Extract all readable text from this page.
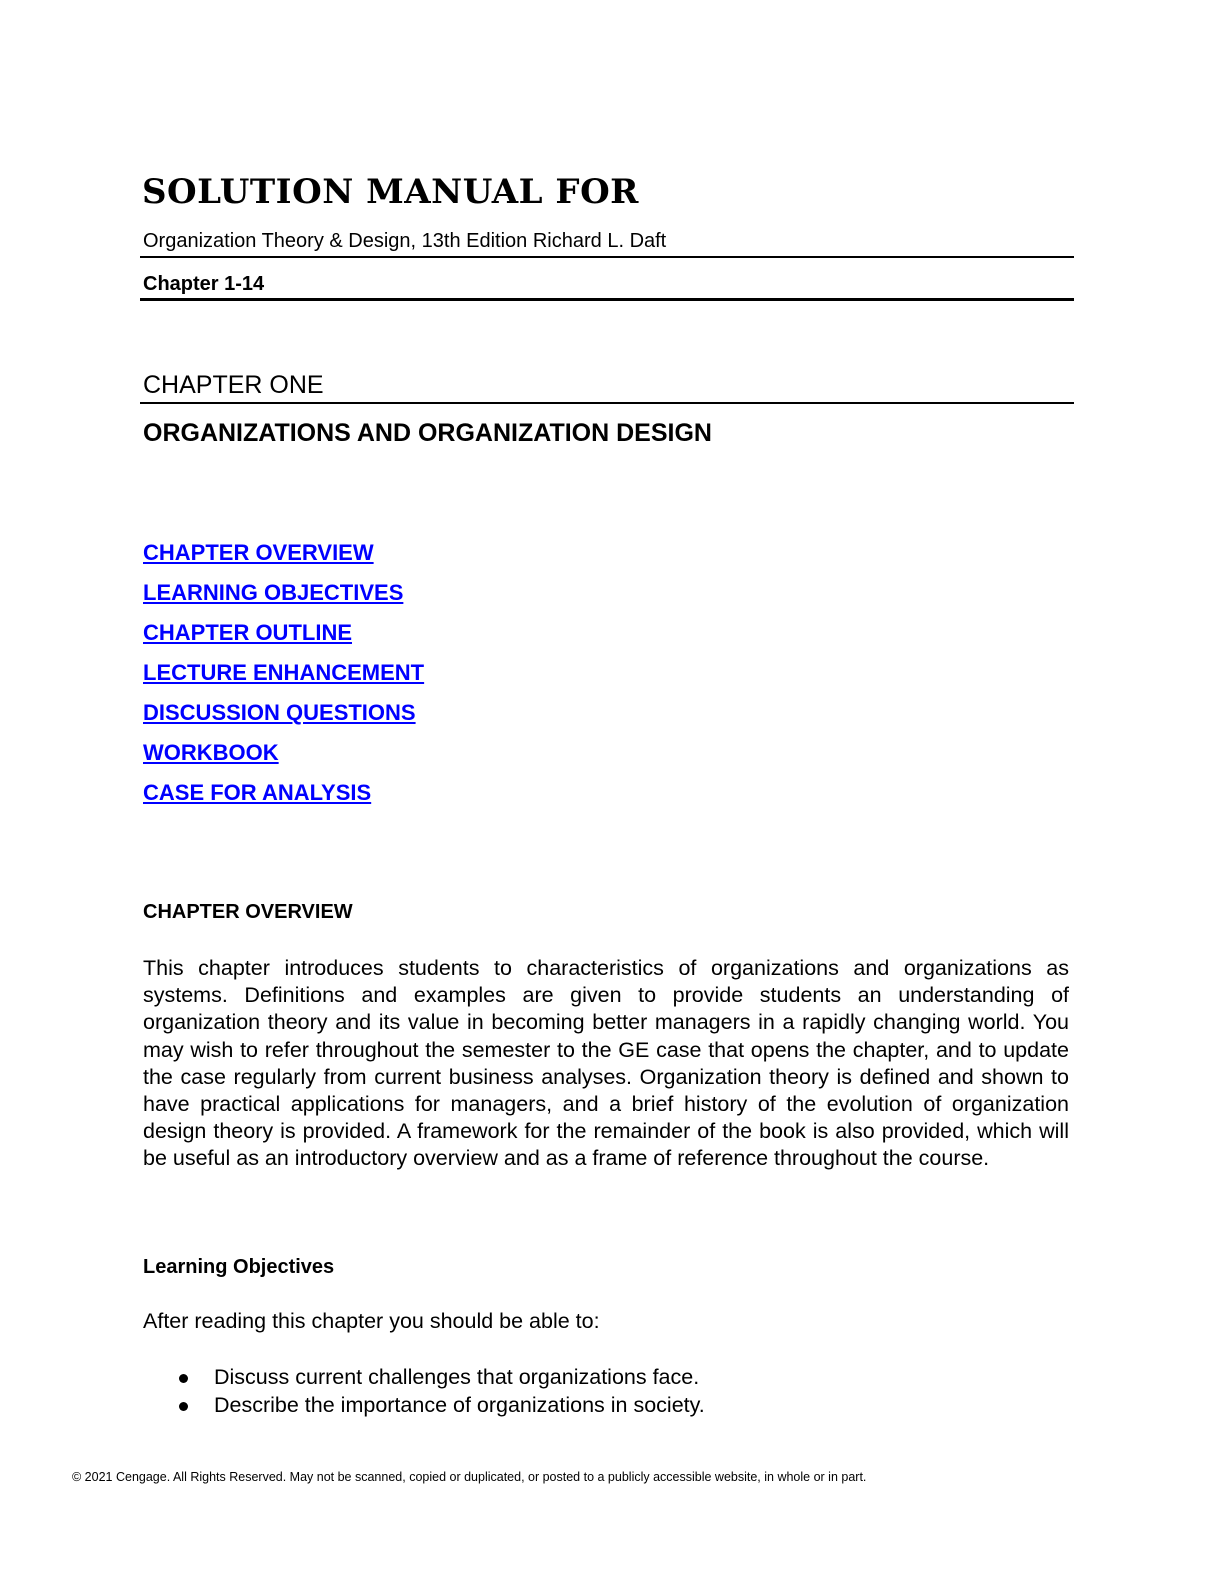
SOLUTION MANUAL FOR
Organization Theory & Design, 13th Edition Richard L. Daft
Chapter 1-14
CHAPTER ONE
ORGANIZATIONS AND ORGANIZATION DESIGN
CHAPTER OVERVIEW
LEARNING OBJECTIVES
CHAPTER OUTLINE
LECTURE ENHANCEMENT
DISCUSSION QUESTIONS
WORKBOOK
CASE FOR ANALYSIS
CHAPTER OVERVIEW

This chapter introduces students to characteristics of organizations and organizations as systems. Definitions and examples are given to provide students an understanding of organization theory and its value in becoming better managers in a rapidly changing world. You may wish to refer throughout the semester to the GE case that opens the chapter, and to update the case regularly from current business analyses. Organization theory is defined and shown to have practical applications for managers, and a brief history of the evolution of organization design theory is provided. A framework for the remainder of the book is also provided, which will be useful as an introductory overview and as a frame of reference throughout the course.

Learning Objectives
After reading this chapter you should be able to:
Discuss current challenges that organizations face.
Describe the importance of organizations in society.
© 2021 Cengage. All Rights Reserved. May not be scanned, copied or duplicated, or posted to a publicly accessible website, in whole or in part.
